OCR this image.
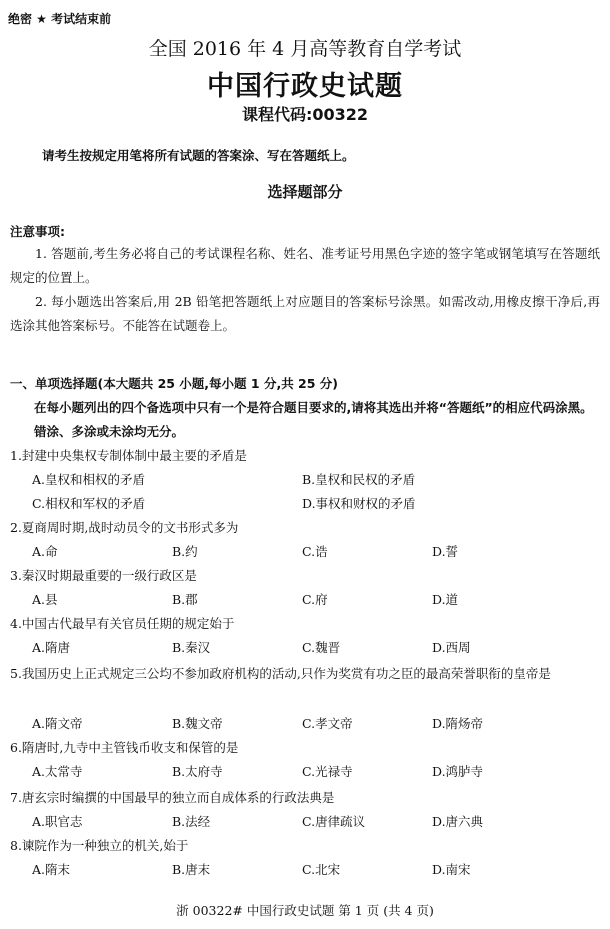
绝密 ★ 考试结束前
全国 2016 年 4 月高等教育自学考试
中国行政史试题
课程代码:00322
请考生按规定用笔将所有试题的答案涂、写在答题纸上。
选择题部分
注意事项:
1. 答题前,考生务必将自己的考试课程名称、姓名、准考证号用黑色字迹的签字笔或钢笔填写在答题纸规定的位置上。
2. 每小题选出答案后,用 2B 铅笔把答题纸上对应题目的答案标号涂黑。如需改动,用橡皮擦干净后,再选涂其他答案标号。不能答在试题卷上。
一、单项选择题(本大题共 25 小题,每小题 1 分,共 25 分)
在每小题列出的四个备选项中只有一个是符合题目要求的,请将其选出并将“答题纸”的相应代码涂黑。错涂、多涂或未涂均无分。
1.封建中央集权专制体制中最主要的矛盾是
A.皇权和相权的矛盾	B.皇权和民权的矛盾
C.相权和军权的矛盾	D.事权和财权的矛盾
2.夏商周时期,战时动员令的文书形式多为
A.命	B.约	C.诰	D.誓
3.秦汉时期最重要的一级行政区是
A.县	B.郡	C.府	D.道
4.中国古代最早有关官员任期的规定始于
A.隋唐	B.秦汉	C.魏晋	D.西周
5.我国历史上正式规定三公均不参加政府机构的活动,只作为奖赏有功之臣的最高荣誉职衔的皇帝是
A.隋文帝	B.魏文帝	C.孝文帝	D.隋炀帝
6.隋唐时,九寺中主管钱币收支和保管的是
A.太常寺	B.太府寺	C.光禄寺	D.鸿胪寺
7.唐玄宗时编撰的中国最早的独立而自成体系的行政法典是
A.职官志	B.法经	C.唐律疏议	D.唐六典
8.谏院作为一种独立的机关,始于
A.隋末	B.唐末	C.北宋	D.南宋
浙 00322# 中国行政史试题 第 1 页 (共 4 页)
